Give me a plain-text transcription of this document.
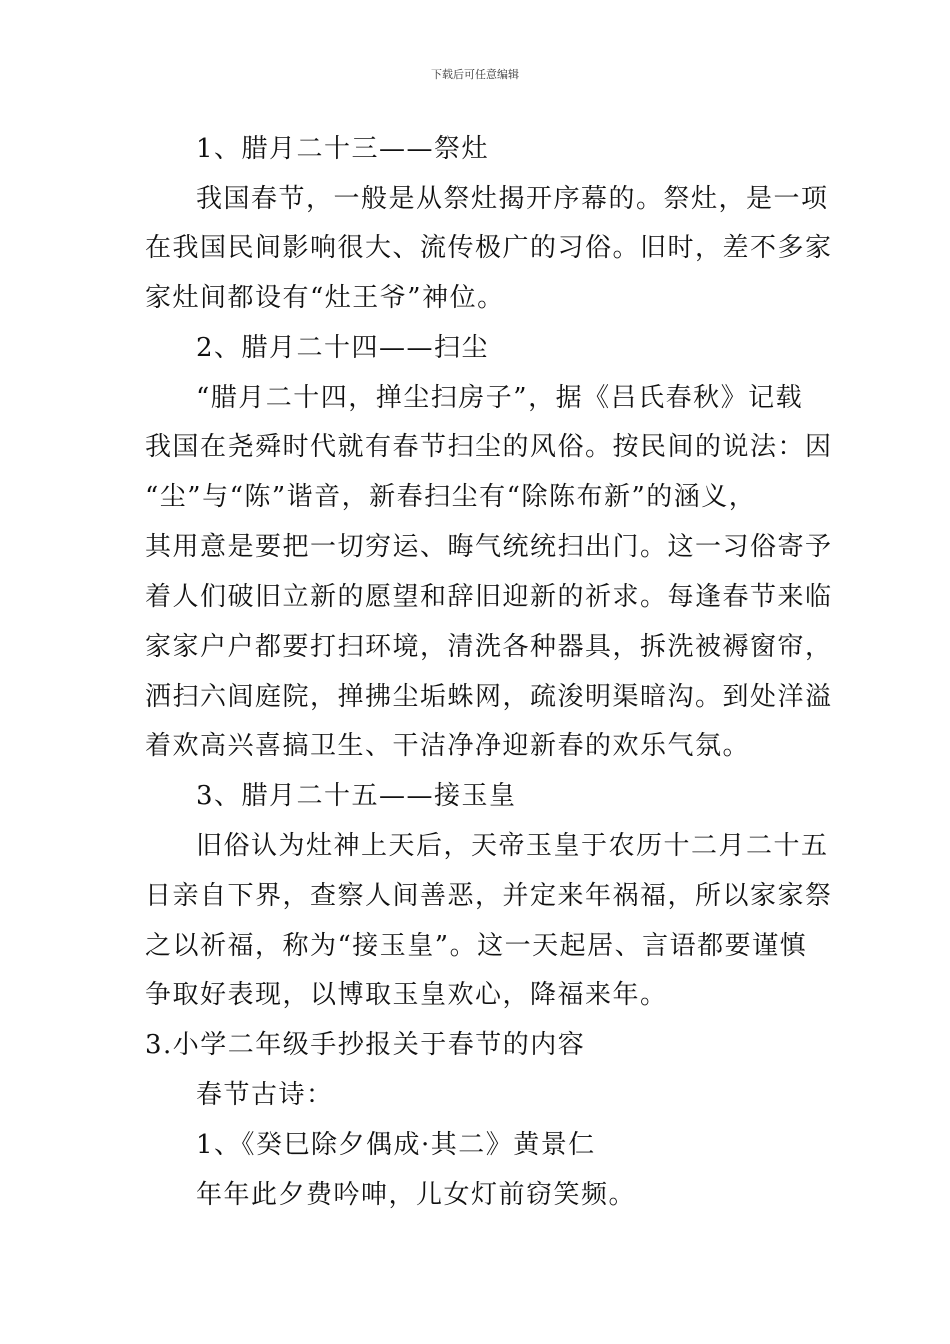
下载后可任意编辑
1、腊月二十三——祭灶
我国春节，一般是从祭灶揭开序幕的。祭灶，是一项
在我国民间影响很大、流传极广的习俗。旧时，差不多家
家灶间都设有“灶王爷”神位。
2、腊月二十四——扫尘
“腊月二十四，掸尘扫房子”，据《吕氏春秋》记载
我国在尧舜时代就有春节扫尘的风俗。按民间的说法：因
“尘”与“陈”谐音，新春扫尘有“除陈布新”的涵义，
其用意是要把一切穷运、晦气统统扫出门。这一习俗寄予
着人们破旧立新的愿望和辞旧迎新的祈求。每逢春节来临
家家户户都要打扫环境，清洗各种器具，拆洗被褥窗帘，
洒扫六闾庭院，掸拂尘垢蛛网，疏浚明渠暗沟。到处洋溢
着欢高兴喜搞卫生、干洁净净迎新春的欢乐气氛。
3、腊月二十五——接玉皇
旧俗认为灶神上天后，天帝玉皇于农历十二月二十五
日亲自下界，查察人间善恶，并定来年祸福，所以家家祭
之以祈福，称为“接玉皇”。这一天起居、言语都要谨慎
争取好表现，以博取玉皇欢心，降福来年。
3.小学二年级手抄报关于春节的内容
春节古诗：
1、《癸巳除夕偶成·其二》黄景仁
年年此夕费吟呻，儿女灯前窃笑频。
